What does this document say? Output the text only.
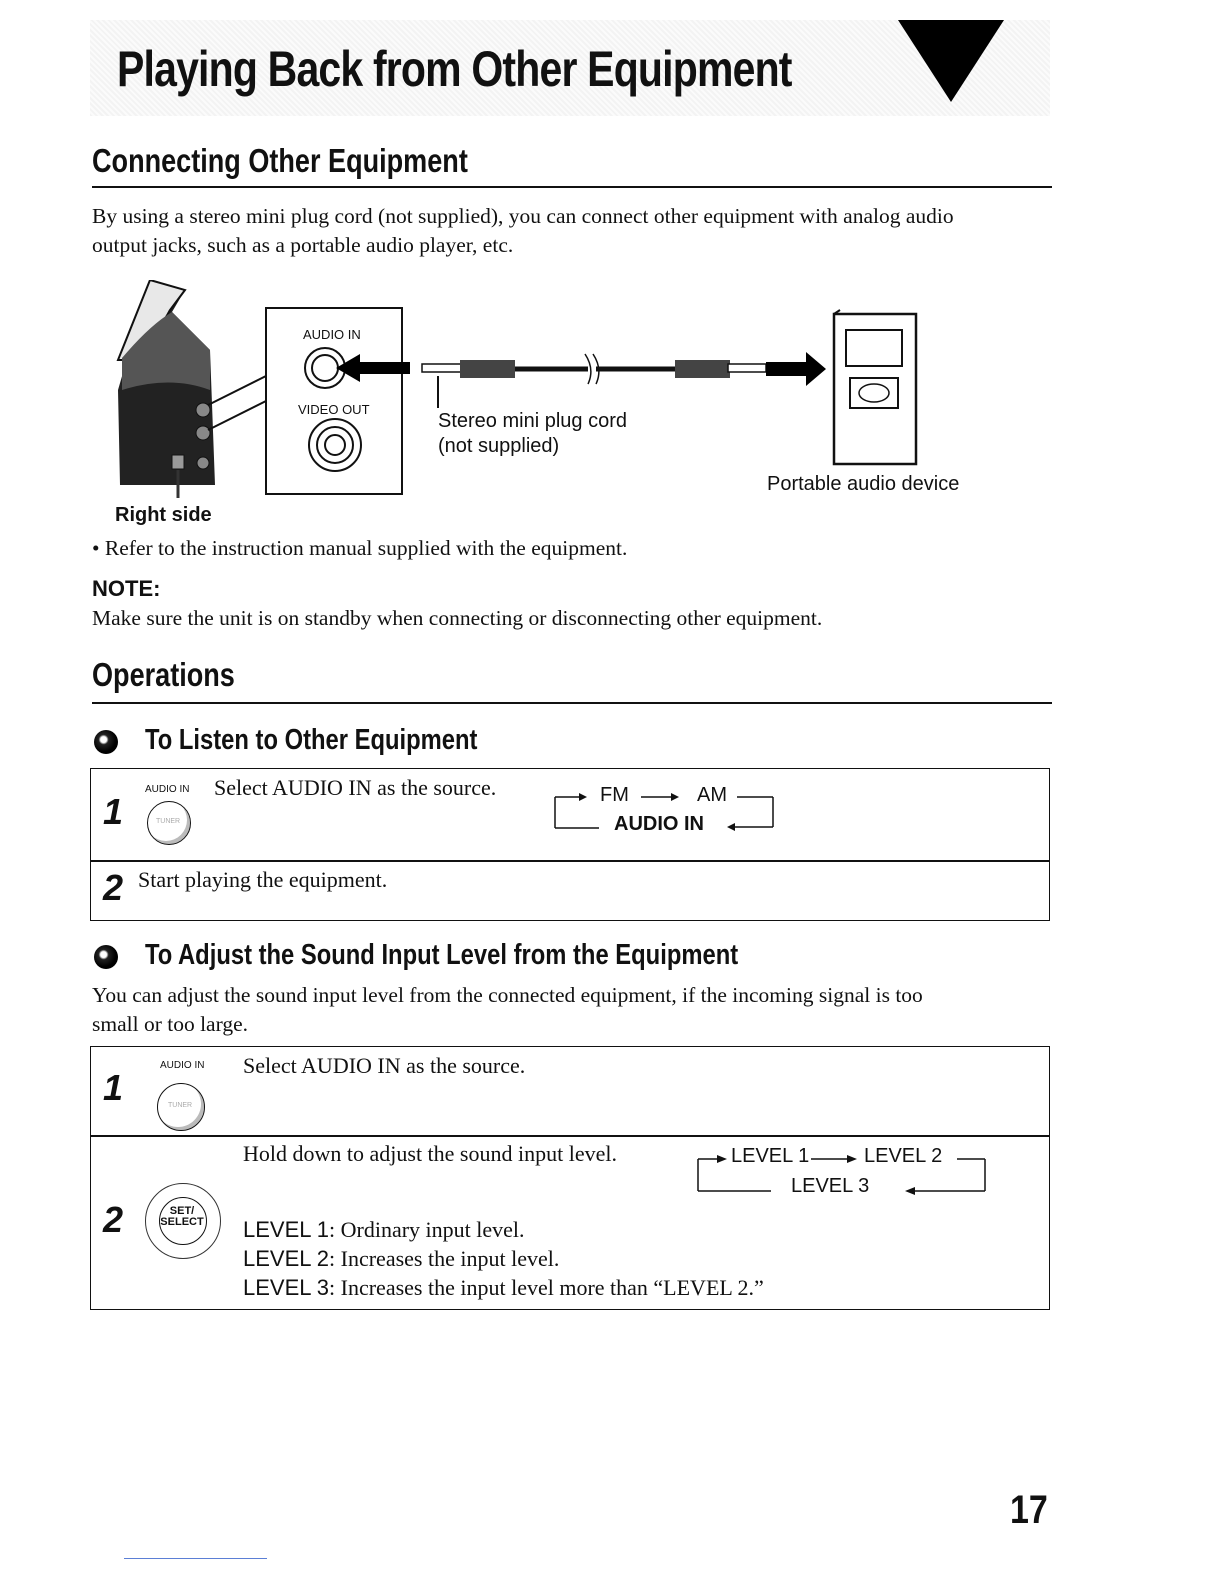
Playing Back from Other Equipment
Connecting Other Equipment
By using a stereo mini plug cord (not supplied), you can connect other equipment with analog audio
output jacks, such as a portable audio player, etc.
AUDIO IN
VIDEO OUT
Stereo mini plug cord
(not supplied)
Portable audio device
Right side
• Refer to the instruction manual supplied with the equipment.
NOTE:
Make sure the unit is on standby when connecting or disconnecting other equipment.
Operations
To Listen to Other Equipment
1
AUDIO IN
TUNER
Select AUDIO IN as the source.	FM	AM
AUDIO IN
2 Start playing the equipment.
To Adjust the Sound Input Level from the Equipment
You can adjust the sound input level from the connected equipment, if the incoming signal is too
small or too large.
1
AUDIO IN
TUNER
Select AUDIO IN as the source.
2	SET/
SELECT
Hold down to adjust the sound input level.	LEVEL 1	LEVEL 2
LEVEL 3
LEVEL 1: Ordinary input level.
LEVEL 2: Increases the input level.
LEVEL 3: Increases the input level more than “LEVEL 2.”
17
